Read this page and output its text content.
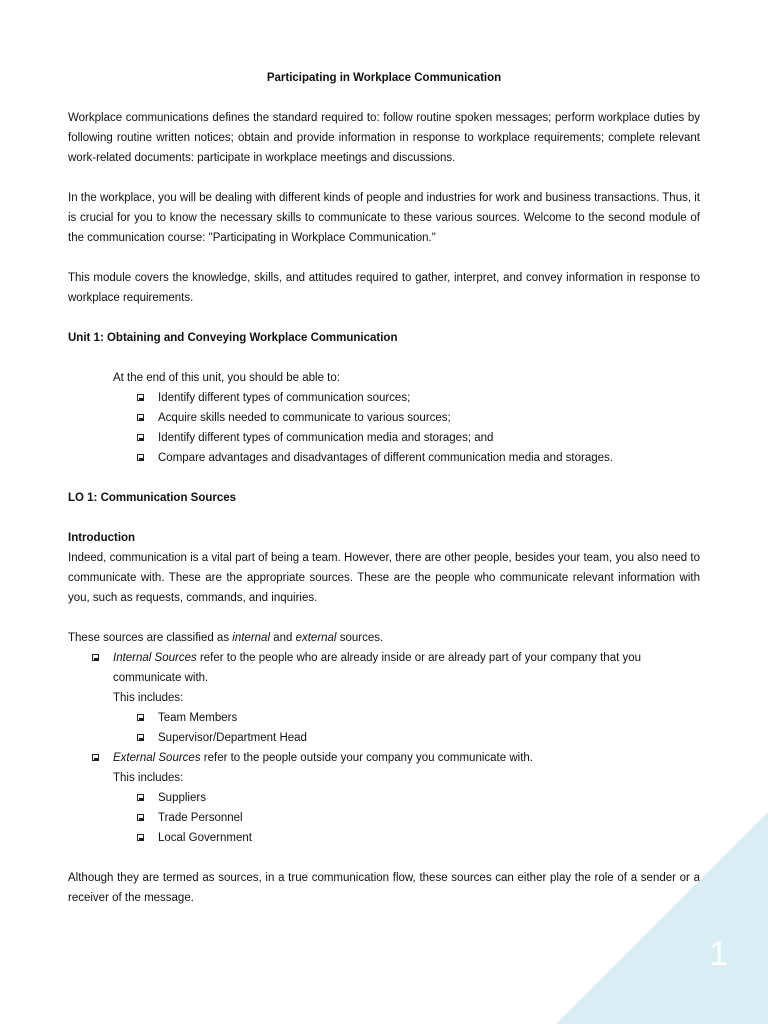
Participating in Workplace Communication

Workplace communications defines the standard required to: follow routine spoken messages; perform workplace duties by following routine written notices; obtain and provide information in response to workplace requirements; complete relevant work-related documents: participate in workplace meetings and discussions.

In the workplace, you will be dealing with different kinds of people and industries for work and business transactions. Thus, it is crucial for you to know the necessary skills to communicate to these various sources. Welcome to the second module of the communication course: "Participating in Workplace Communication."

This module covers the knowledge, skills, and attitudes required to gather, interpret, and convey information in response to workplace requirements.

Unit 1: Obtaining and Conveying Workplace Communication
At the end of this unit, you should be able to:
Identify different types of communication sources;
Acquire skills needed to communicate to various sources;
Identify different types of communication media and storages; and
Compare advantages and disadvantages of different communication media and storages.
LO 1: Communication Sources
Introduction

Indeed, communication is a vital part of being a team. However, there are other people, besides your team, you also need to communicate with. These are the appropriate sources. These are the people who communicate relevant information with you, such as requests, commands, and inquiries.

These sources are classified as internal and external sources.
Internal Sources refer to the people who are already inside or are already part of your company that you communicate with.
This includes:
Team Members
Supervisor/Department Head
External Sources refer to the people outside your company you communicate with.
This includes:
Suppliers
Trade Personnel
Local Government

Although they are termed as sources, in a true communication flow, these sources can either play the role of a sender or a receiver of the message.

1
